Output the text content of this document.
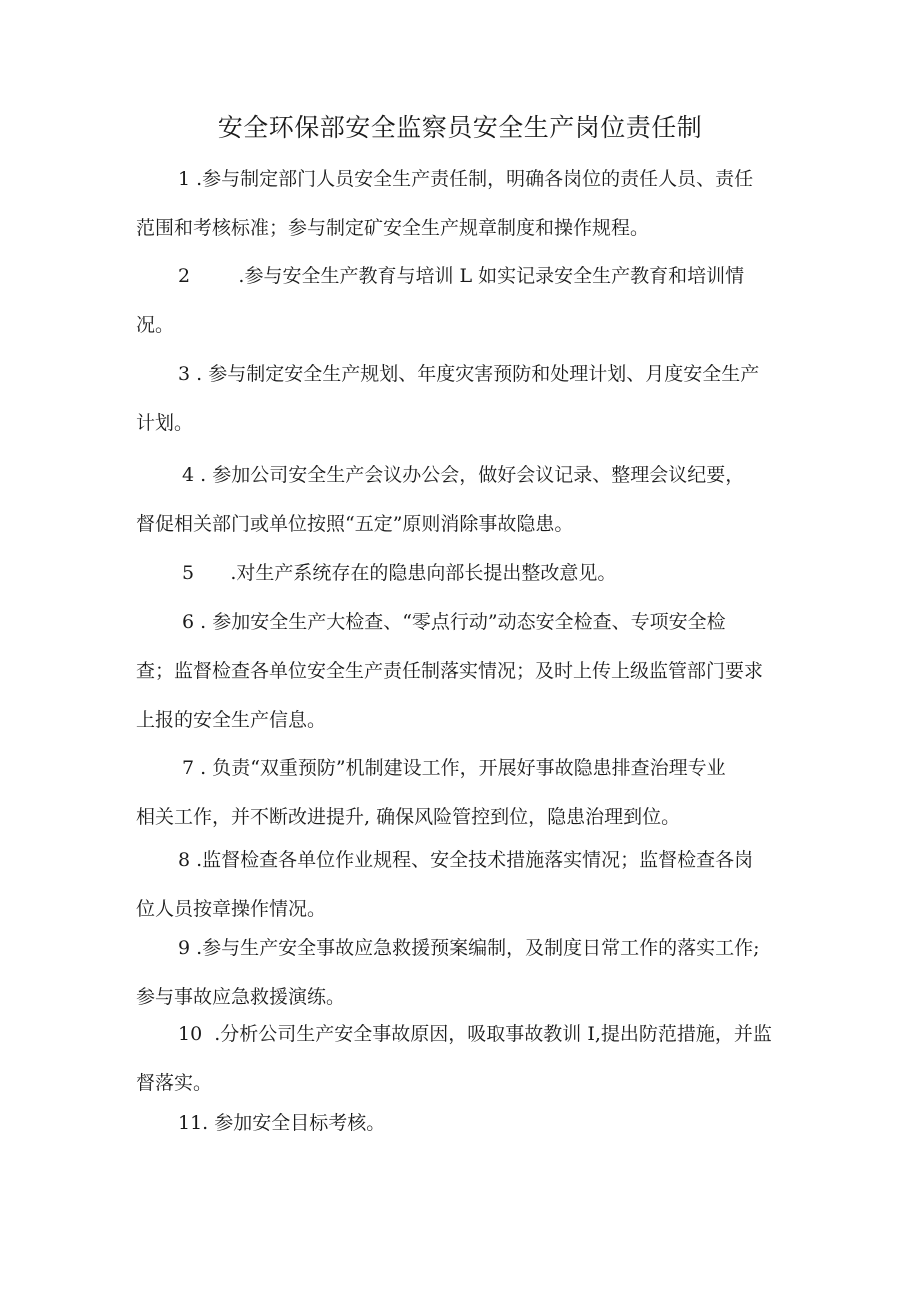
安全环保部安全监察员安全生产岗位责任制
1 .参与制定部门人员安全生产责任制，明确各岗位的责任人员、责任
范围和考核标准；参与制定矿安全生产规章制度和操作规程。
2        .参与安全生产教育与培训 L 如实记录安全生产教育和培训情
况。
3 . 参与制定安全生产规划、年度灾害预防和处理计划、月度安全生产
计划。
4 . 参加公司安全生产会议办公会，做好会议记录、整理会议纪要，
督促相关部门或单位按照“五定”原则消除事故隐患。
5      .对生产系统存在的隐患向部长提出整改意见。
6 . 参加安全生产大检查、“零点行动”动态安全检查、专项安全检
查；监督检查各单位安全生产责任制落实情况；及时上传上级监管部门要求
上报的安全生产信息。
7 . 负责“双重预防”机制建设工作，开展好事故隐患排查治理专业
相关工作，并不断改进提升, 确保风险管控到位，隐患治理到位。
8 .监督检查各单位作业规程、安全技术措施落实情况；监督检查各岗
位人员按章操作情况。
9 .参与生产安全事故应急救援预案编制，及制度日常工作的落实工作;
参与事故应急救援演练。
10  .分析公司生产安全事故原因，吸取事故教训 I,提出防范措施，并监
督落实。
11. 参加安全目标考核。
